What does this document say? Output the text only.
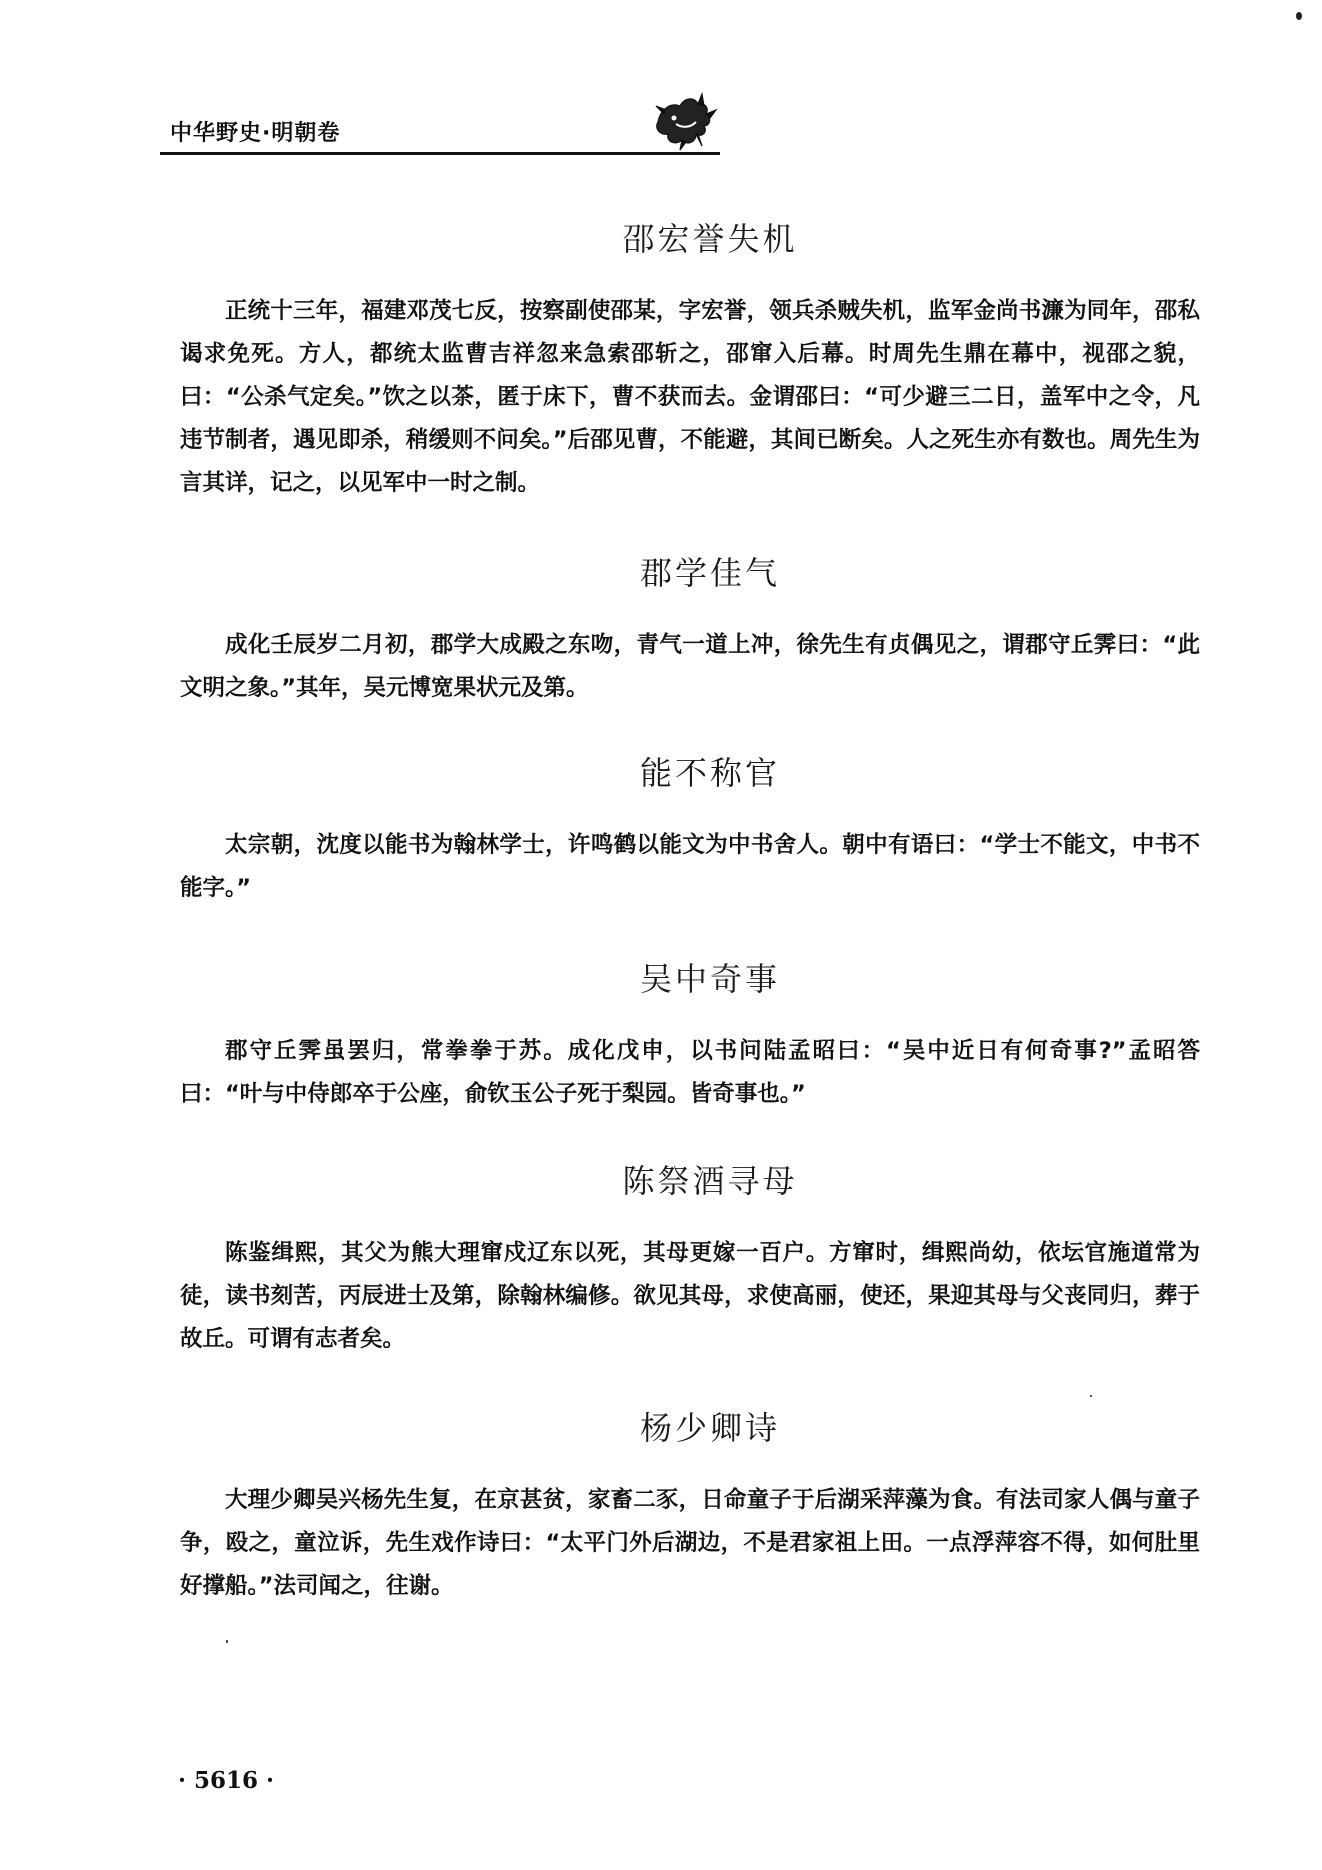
中华野史·明朝卷
邵宏誉失机
正统十三年，福建邓茂七反，按察副使邵某，字宏誉，领兵杀贼失机，监军金尚书濂为同年，邵私谒求免死。方人，都统太监曹吉祥忽来急索邵斩之，邵窜入后幕。时周先生鼎在幕中，视邵之貌，曰：“公杀气定矣。”饮之以茶，匿于床下，曹不获而去。金谓邵曰：“可少避三二日，盖军中之令，凡违节制者，遇见即杀，稍缓则不问矣。”后邵见曹，不能避，其间已断矣。人之死生亦有数也。周先生为言其详，记之，以见军中一时之制。
郡学佳气
成化壬辰岁二月初，郡学大成殿之东吻，青气一道上冲，徐先生有贞偶见之，谓郡守丘霁曰：“此文明之象。”其年，吴元博宽果状元及第。
能不称官
太宗朝，沈度以能书为翰林学士，许鸣鹤以能文为中书舍人。朝中有语曰：“学士不能文，中书不能字。”
吴中奇事
郡守丘霁虽罢归，常拳拳于苏。成化戊申，以书问陆孟昭曰：“吴中近日有何奇事?”孟昭答曰：“叶与中侍郎卒于公座，俞钦玉公子死于梨园。皆奇事也。”
陈祭酒寻母
陈鉴缉熙，其父为熊大理窜戍辽东以死，其母更嫁一百户。方窜时，缉熙尚幼，依坛官施道常为徒，读书刻苦，丙辰进士及第，除翰林编修。欲见其母，求使高丽，使还，果迎其母与父丧同归，葬于故丘。可谓有志者矣。
杨少卿诗
大理少卿吴兴杨先生复，在京甚贫，家畜二豕，日命童子于后湖采萍藻为食。有法司家人偶与童子争，殴之，童泣诉，先生戏作诗曰：“太平门外后湖边，不是君家祖上田。一点浮萍容不得，如何肚里好撑船。”法司闻之，往谢。
· 5616 ·
